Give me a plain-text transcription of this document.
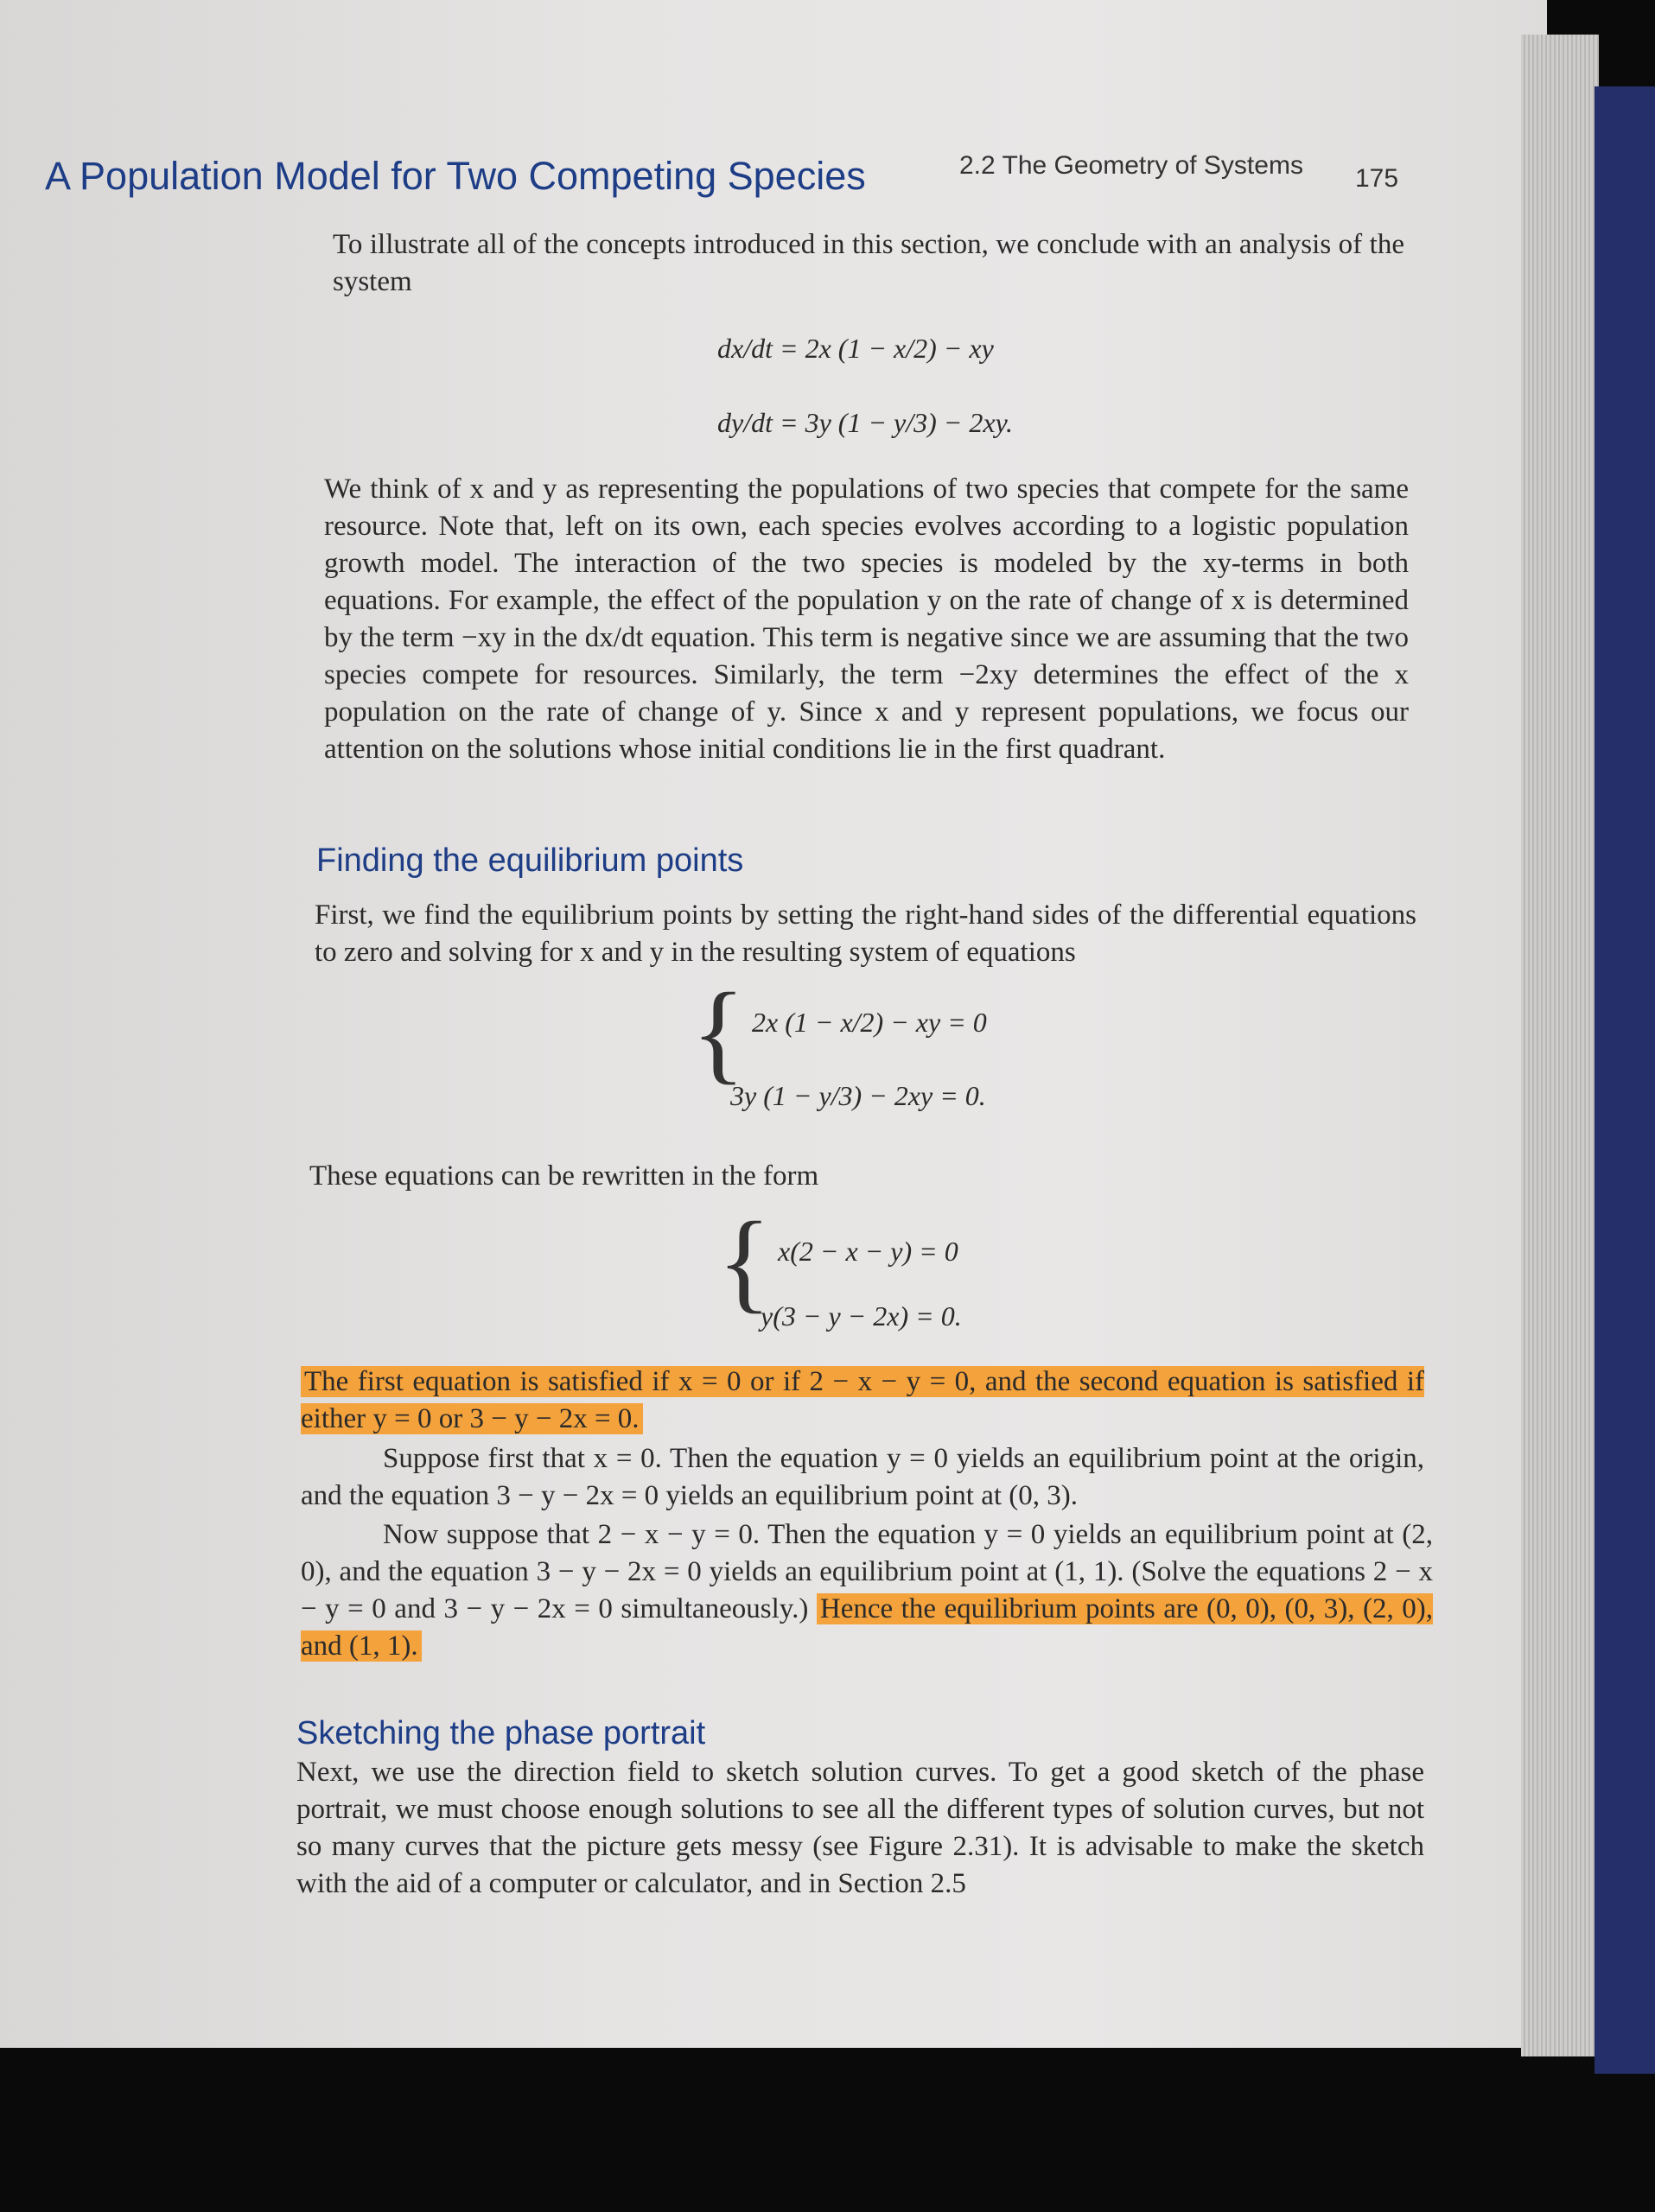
2.2 The Geometry of Systems 175
A Population Model for Two Competing Species
To illustrate all of the concepts introduced in this section, we conclude with an analysis of the system
dx/dt = 2x (1 − x/2) − xy
dy/dt = 3y (1 − y/3) − 2xy.
We think of x and y as representing the populations of two species that compete for the same resource. Note that, left on its own, each species evolves according to a logistic population growth model. The interaction of the two species is modeled by the xy-terms in both equations. For example, the effect of the population y on the rate of change of x is determined by the term −xy in the dx/dt equation. This term is negative since we are assuming that the two species compete for resources. Similarly, the term −2xy determines the effect of the x population on the rate of change of y. Since x and y represent populations, we focus our attention on the solutions whose initial conditions lie in the first quadrant.
Finding the equilibrium points
First, we find the equilibrium points by setting the right-hand sides of the differential equations to zero and solving for x and y in the resulting system of equations
{ 2x (1 − x/2) − xy = 0
3y (1 − y/3) − 2xy = 0.
These equations can be rewritten in the form
{ x(2 − x − y) = 0
y(3 − y − 2x) = 0.
The first equation is satisfied if x = 0 or if 2 − x − y = 0, and the second equation is satisfied if either y = 0 or 3 − y − 2x = 0.
Suppose first that x = 0. Then the equation y = 0 yields an equilibrium point at the origin, and the equation 3 − y − 2x = 0 yields an equilibrium point at (0, 3).
Now suppose that 2 − x − y = 0. Then the equation y = 0 yields an equilibrium point at (2, 0), and the equation 3 − y − 2x = 0 yields an equilibrium point at (1, 1). (Solve the equations 2 − x − y = 0 and 3 − y − 2x = 0 simultaneously.) Hence the equilibrium points are (0, 0), (0, 3), (2, 0), and (1, 1).
Sketching the phase portrait
Next, we use the direction field to sketch solution curves. To get a good sketch of the phase portrait, we must choose enough solutions to see all the different types of solution curves, but not so many curves that the picture gets messy (see Figure 2.31). It is advisable to make the sketch with the aid of a computer or calculator, and in Section 2.5
